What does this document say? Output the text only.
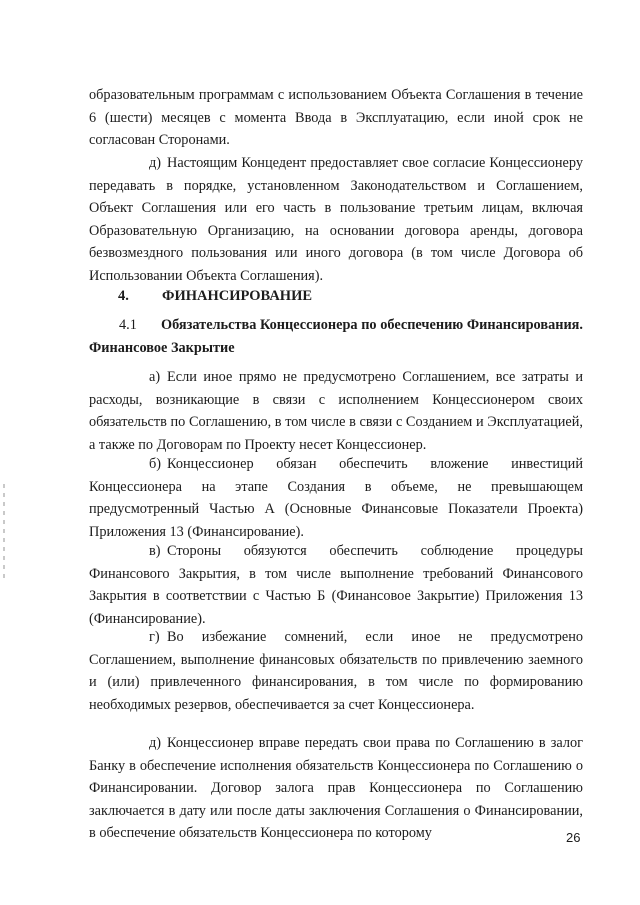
образовательным программам с использованием Объекта Соглашения в течение 6 (шести) месяцев с момента Ввода в Эксплуатацию, если иной срок не согласован Сторонами.

д) Настоящим Концедент предоставляет свое согласие Концессионеру передавать в порядке, установленном Законодательством и Соглашением, Объект Соглашения или его часть в пользование третьим лицам, включая Образовательную Организацию, на основании договора аренды, договора безвозмездного пользования или иного договора (в том числе Договора об Использовании Объекта Соглашения).

4. ФИНАНСИРОВАНИЕ

4.1 Обязательства Концессионера по обеспечению Финансирования. Финансовое Закрытие

а) Если иное прямо не предусмотрено Соглашением, все затраты и расходы, возникающие в связи с исполнением Концессионером своих обязательств по Соглашению, в том числе в связи с Созданием и Эксплуатацией, а также по Договорам по Проекту несет Концессионер.

б) Концессионер обязан обеспечить вложение инвестиций Концессионера на этапе Создания в объеме, не превышающем предусмотренный Частью А (Основные Финансовые Показатели Проекта) Приложения 13 (Финансирование).

в) Стороны обязуются обеспечить соблюдение процедуры Финансового Закрытия, в том числе выполнение требований Финансового Закрытия в соответствии с Частью Б (Финансовое Закрытие) Приложения 13 (Финансирование).

г) Во избежание сомнений, если иное не предусмотрено Соглашением, выполнение финансовых обязательств по привлечению заемного и (или) привлеченного финансирования, в том числе по формированию необходимых резервов, обеспечивается за счет Концессионера.

д) Концессионер вправе передать свои права по Соглашению в залог Банку в обеспечение исполнения обязательств Концессионера по Соглашению о Финансировании. Договор залога прав Концессионера по Соглашению заключается в дату или после даты заключения Соглашения о Финансировании, в обеспечение обязательств Концессионера по которому	26
